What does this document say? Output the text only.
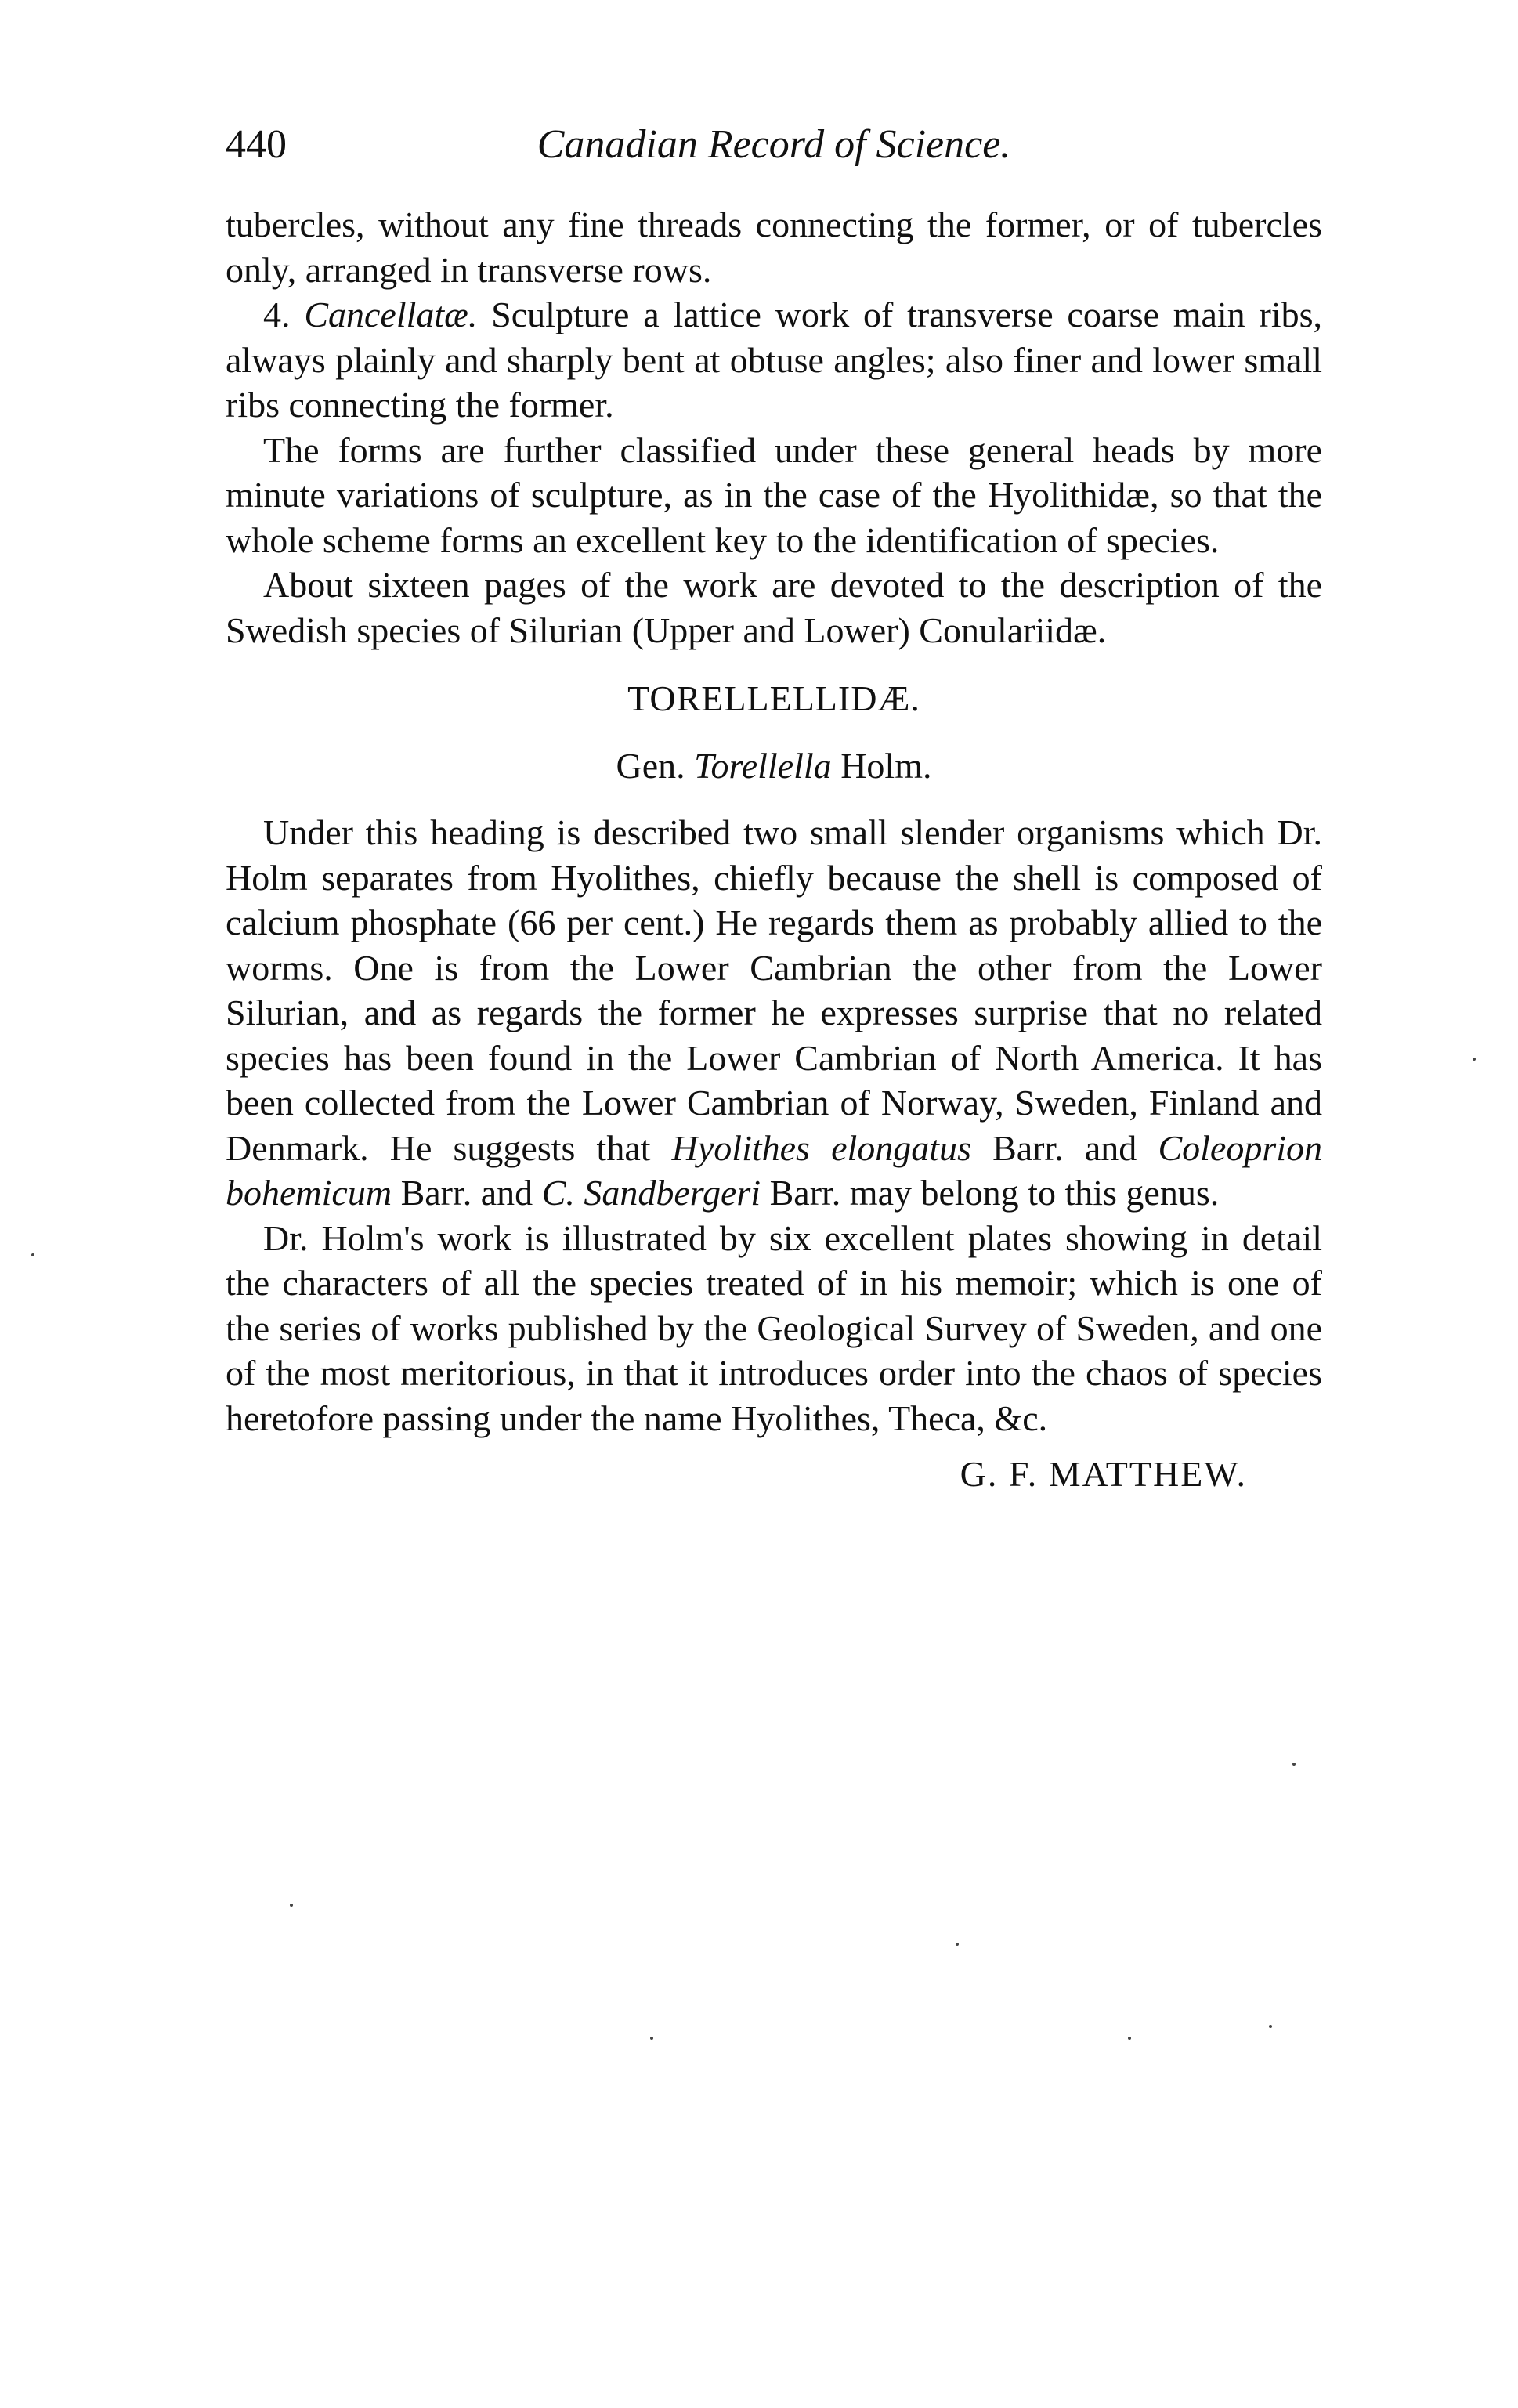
440	Canadian Record of Science.

tubercles, without any fine threads connecting the former, or of tubercles only, arranged in transverse rows.

4. Cancellatæ. Sculpture a lattice work of transverse coarse main ribs, always plainly and sharply bent at obtuse angles; also finer and lower small ribs connecting the former.

The forms are further classified under these general heads by more minute variations of sculpture, as in the case of the Hyolithidæ, so that the whole scheme forms an excellent key to the identification of species.

About sixteen pages of the work are devoted to the description of the Swedish species of Silurian (Upper and Lower) Conulariidæ.

TORELLELLIDÆ.
Gen. Torellella Holm.

Under this heading is described two small slender organisms which Dr. Holm separates from Hyolithes, chiefly because the shell is composed of calcium phosphate (66 per cent.) He regards them as probably allied to the worms. One is from the Lower Cambrian the other from the Lower Silurian, and as regards the former he expresses surprise that no related species has been found in the Lower Cambrian of North America. It has been collected from the Lower Cambrian of Norway, Sweden, Finland and Denmark. He suggests that Hyolithes elongatus Barr. and Coleoprion bohemicum Barr. and C. Sandbergeri Barr. may belong to this genus.

Dr. Holm's work is illustrated by six excellent plates showing in detail the characters of all the species treated of in his memoir; which is one of the series of works published by the Geological Survey of Sweden, and one of the most meritorious, in that it introduces order into the chaos of species heretofore passing under the name Hyolithes, Theca, &c.

G. F. MATTHEW.
